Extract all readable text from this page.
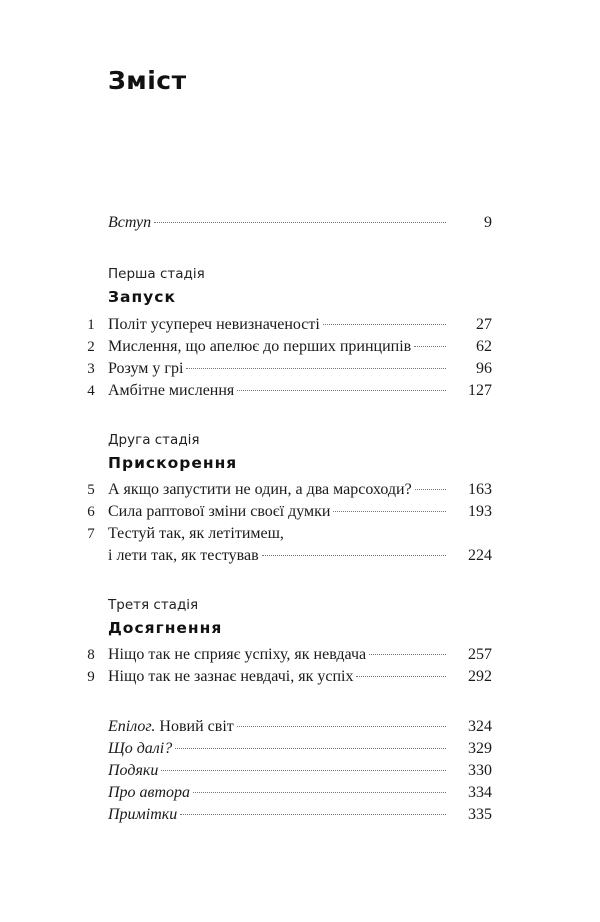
Зміст
Вступ	9
Перша стадія
Запуск
1 Політ усупереч невизначеності	27
2 Мислення, що апелює до перших принципів	62
3 Розум у грі	96
4 Амбітне мислення	127
Друга стадія
Прискорення
5 А якщо запустити не один, а два марсоходи?	163
6 Сила раптової зміни своєї думки	193
7 Тестуй так, як летітимеш,
і лети так, як тестував	224
Третя стадія
Досягнення
8 Ніщо так не сприяє успіху, як невдача	257
9 Ніщо так не зазнає невдачі, як успіх	292
Епілог. Новий світ	324
Що далі?	329
Подяки	330
Про автора	334
Примітки	335
